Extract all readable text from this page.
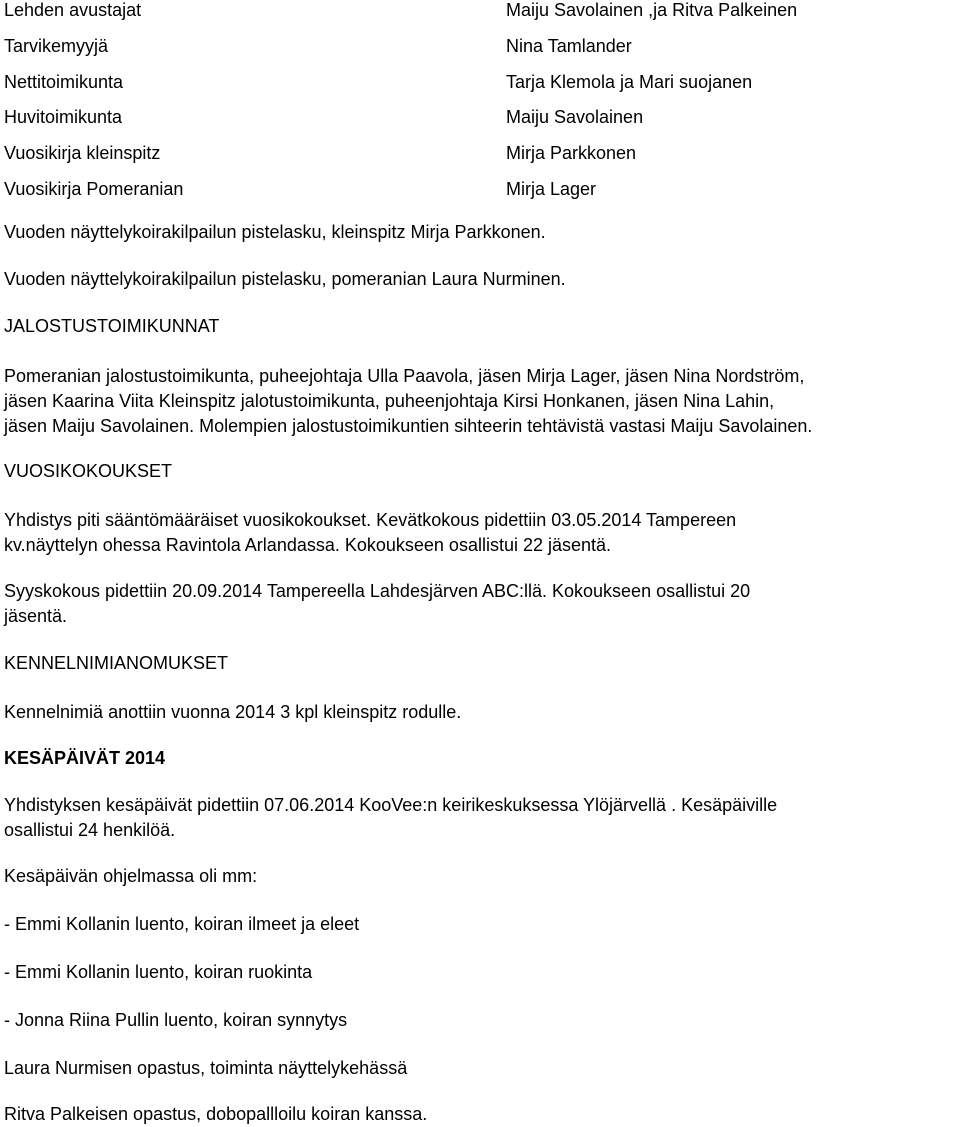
Lehden avustajat	Maiju Savolainen ,ja Ritva Palkeinen
Tarvikemyyjä	Nina Tamlander
Nettitoimikunta	Tarja Klemola ja Mari suojanen
Huvitoimikunta	Maiju Savolainen
Vuosikirja kleinspitz	Mirja Parkkonen
Vuosikirja Pomeranian	Mirja Lager
Vuoden näyttelykoirakilpailun pistelasku, kleinspitz Mirja Parkkonen.
Vuoden näyttelykoirakilpailun pistelasku, pomeranian Laura Nurminen.
JALOSTUSTOIMIKUNNAT
Pomeranian jalostustoimikunta, puheejohtaja Ulla Paavola, jäsen Mirja Lager, jäsen Nina Nordström,
jäsen Kaarina Viita Kleinspitz jalotustoimikunta, puheenjohtaja Kirsi Honkanen, jäsen Nina Lahin,
jäsen Maiju Savolainen. Molempien jalostustoimikuntien sihteerin tehtävistä vastasi Maiju Savolainen.
VUOSIKOKOUKSET
Yhdistys piti sääntömääräiset vuosikokoukset. Kevätkokous pidettiin 03.05.2014 Tampereen
kv.näyttelyn ohessa Ravintola Arlandassa. Kokoukseen osallistui 22 jäsentä.
Syyskokous pidettiin 20.09.2014 Tampereella Lahdesjärven ABC:llä. Kokoukseen osallistui 20
jäsentä.
KENNELNIMIANOMUKSET
Kennelnimiä anottiin vuonna 2014 3 kpl kleinspitz rodulle.
KESÄPÄIVÄT 2014
Yhdistyksen kesäpäivät pidettiin 07.06.2014 KooVee:n keirikeskuksessa Ylöjärvellä . Kesäpäiville
osallistui 24 henkilöä.
Kesäpäivän ohjelmassa oli mm:
- Emmi Kollanin luento, koiran ilmeet ja eleet
- Emmi Kollanin luento, koiran ruokinta
- Jonna Riina Pullin luento, koiran synnytys
Laura Nurmisen opastus, toiminta näyttelykehässä
Ritva Palkeisen opastus, dobopallloilu koiran kanssa.
